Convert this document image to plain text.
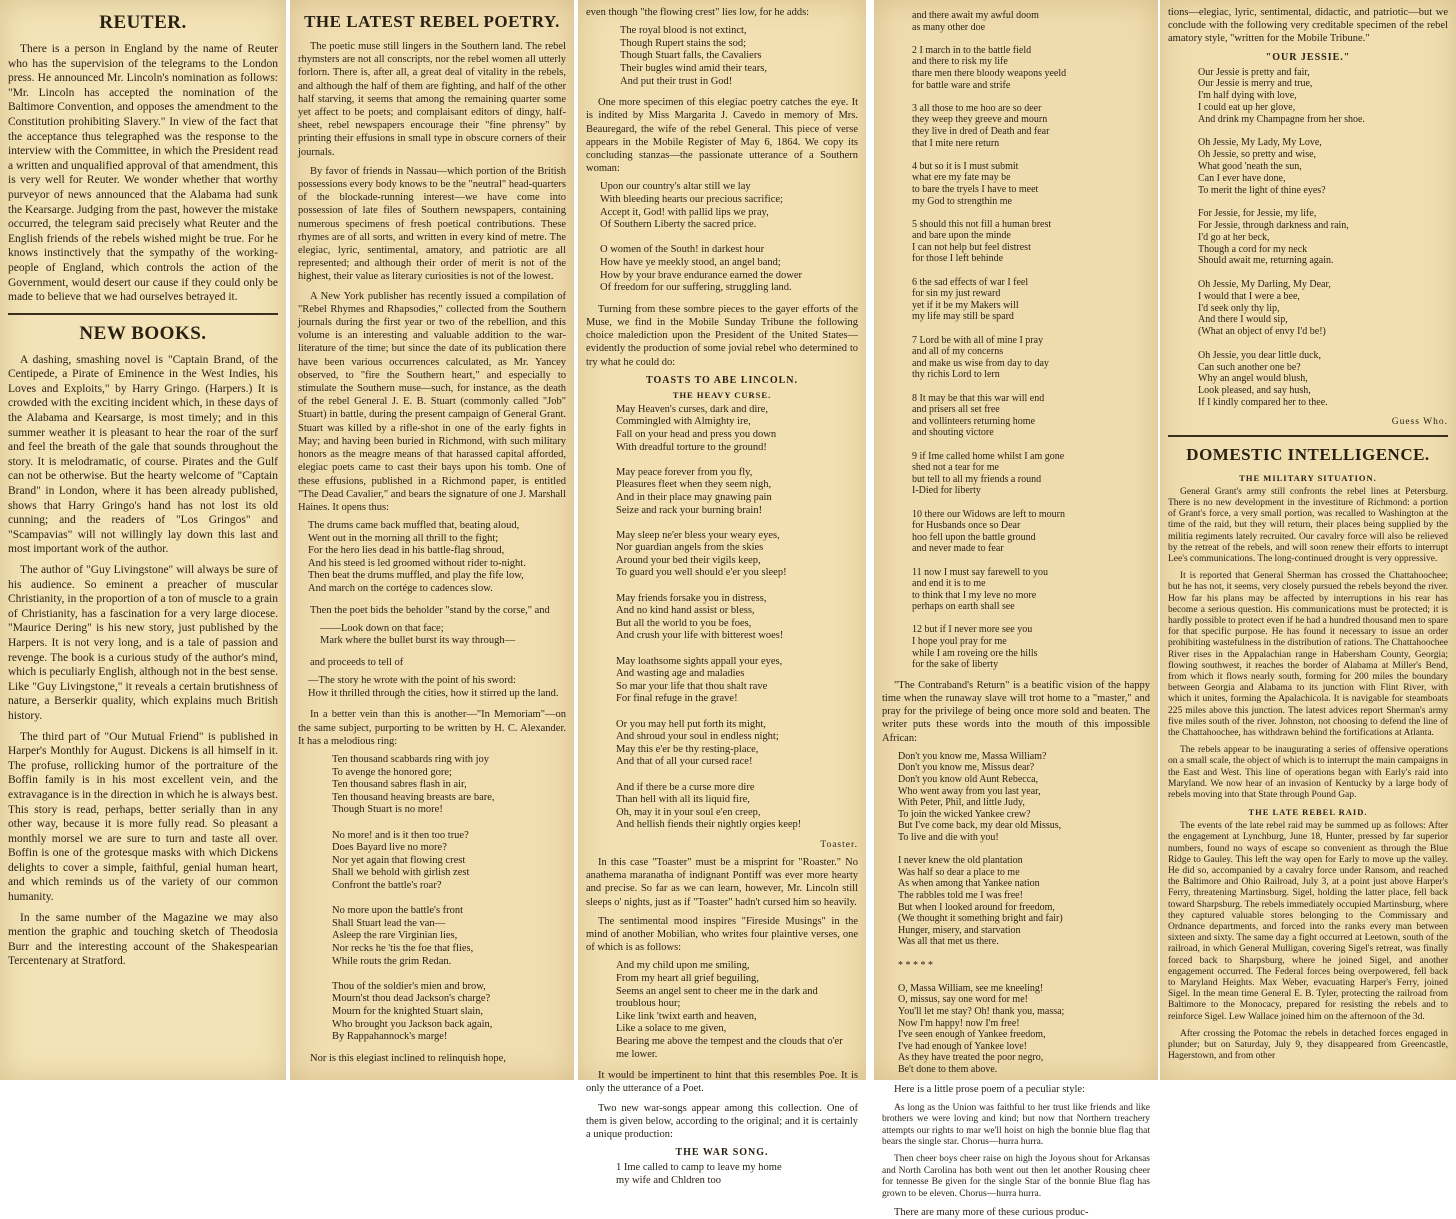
REUTER.

There is a person in England by the name of Reuter who has the supervision of the telegrams to the London press. He announced Mr. Lincoln's nomination as follows: "Mr. Lincoln has accepted the nomination of the Baltimore Convention, and opposes the amendment to the Constitution prohibiting Slavery." In view of the fact that the acceptance thus telegraphed was the response to the interview with the Committee, in which the President read a written and unqualified approval of that amendment, this is very well for Reuter. We wonder whether that worthy purveyor of news announced that the Alabama had sunk the Kearsarge. Judging from the past, however the mistake occurred, the telegram said precisely what Reuter and the English friends of the rebels wished might be true. For he knows instinctively that the sympathy of the working-people of England, which controls the action of the Government, would desert our cause if they could only be made to believe that we had ourselves betrayed it.

NEW BOOKS.

A dashing, smashing novel is "Captain Brand, of the Centipede, a Pirate of Eminence in the West Indies, his Loves and Exploits," by Harry Gringo. (Harpers.) It is crowded with the exciting incident which, in these days of the Alabama and Kearsarge, is most timely; and in this summer weather it is pleasant to hear the roar of the surf and feel the breath of the gale that sounds throughout the story. It is melodramatic, of course. Pirates and the Gulf can not be otherwise. But the hearty welcome of "Captain Brand" in London, where it has been already published, shows that Harry Gringo's hand has not lost its old cunning; and the readers of "Los Gringos" and "Scampavias" will not willingly lay down this last and most important work of the author.

The author of "Guy Livingstone" will always be sure of his audience. So eminent a preacher of muscular Christianity, in the proportion of a ton of muscle to a grain of Christianity, has a fascination for a very large diocese. "Maurice Dering" is his new story, just published by the Harpers. It is not very long, and is a tale of passion and revenge. The book is a curious study of the author's mind, which is peculiarly English, although not in the best sense. Like "Guy Livingstone," it reveals a certain brutishness of nature, a Berserkir quality, which explains much British history.

The third part of "Our Mutual Friend" is published in Harper's Monthly for August. Dickens is all himself in it. The profuse, rollicking humor of the portraiture of the Boffin family is in his most excellent vein, and the extravagance is in the direction in which he is always best. This story is read, perhaps, better serially than in any other way, because it is more fully read. So pleasant a monthly morsel we are sure to turn and taste all over. Boffin is one of the grotesque masks with which Dickens delights to cover a simple, faithful, genial human heart, and which reminds us of the variety of our common humanity.

In the same number of the Magazine we may also mention the graphic and touching sketch of Theodosia Burr and the interesting account of the Shakespearian Tercentenary at Stratford.

THE LATEST REBEL POETRY.

The poetic muse still lingers in the Southern land. The rebel rhymsters are not all conscripts, nor the rebel women all utterly forlorn. There is, after all, a great deal of vitality in the rebels, and although the half of them are fighting, and half of the other half starving, it seems that among the remaining quarter some yet affect to be poets; and complaisant editors of dingy, half-sheet, rebel newspapers encourage their "fine phrensy" by printing their effusions in small type in obscure corners of their journals.

By favor of friends in Nassau—which portion of the British possessions every body knows to be the "neutral" head-quarters of the blockade-running interest—we have come into possession of late files of Southern newspapers, containing numerous specimens of fresh poetical contributions. These rhymes are of all sorts, and written in every kind of metre. The elegiac, lyric, sentimental, amatory, and patriotic are all represented; and although their order of merit is not of the highest, their value as literary curiosities is not of the lowest.

A New York publisher has recently issued a compilation of "Rebel Rhymes and Rhapsodies," collected from the Southern journals during the first year or two of the rebellion, and this volume is an interesting and valuable addition to the war-literature of the time; but since the date of its publication there have been various occurrences calculated, as Mr. Yancey observed, to "fire the Southern heart," and especially to stimulate the Southern muse—such, for instance, as the death of the rebel General J. E. B. Stuart (commonly called "Job" Stuart) in battle, during the present campaign of General Grant. Stuart was killed by a rifle-shot in one of the early fights in May; and having been buried in Richmond, with such military honors as the meagre means of that harassed capital afforded, elegiac poets came to cast their bays upon his tomb. One of these effusions, published in a Richmond paper, is entitled "The Dead Cavalier," and bears the signature of one J. Marshall Haines. It opens thus:

The drums came back muffled that, beating aloud,
Went out in the morning all thrill to the fight;
For the hero lies dead in his battle-flag shroud,
And his steed is led groomed without rider to-night.
Then beat the drums muffled, and play the fife low,
And march on the cortége to cadences slow.

Then the poet bids the beholder "stand by the corse," and

——Look down on that face;
Mark where the bullet burst its way through—

and proceeds to tell of

—The story he wrote with the point of his sword:
How it thrilled through the cities, how it stirred up the land.

In a better vein than this is another—"In Memoriam"—on the same subject, purporting to be written by H. C. Alexander. It has a melodious ring:

Ten thousand scabbards ring with joy
To avenge the honored gore;
Ten thousand sabres flash in air,
Ten thousand heaving breasts are bare,
Though Stuart is no more!

No more! and is it then too true?
Does Bayard live no more?
Nor yet again that flowing crest
Shall we behold with girlish zest
Confront the battle's roar?

No more upon the battle's front
Shall Stuart lead the van—
Asleep the rare Virginian lies,
Nor recks he 'tis the foe that flies,
While routs the grim Redan.

Thou of the soldier's mien and brow,
Mourn'st thou dead Jackson's charge?
Mourn for the knighted Stuart slain,
Who brought you Jackson back again,
By Rappahannock's marge!

Nor is this elegiast inclined to relinquish hope,

even though "the flowing crest" lies low, for he adds:

The royal blood is not extinct,
Though Rupert stains the sod;
Though Stuart falls, the Cavaliers
Their bugles wind amid their tears,
And put their trust in God!

One more specimen of this elegiac poetry catches the eye. It is indited by Miss Margarita J. Cavedo in memory of Mrs. Beauregard, the wife of the rebel General. This piece of verse appears in the Mobile Register of May 6, 1864. We copy its concluding stanzas—the passionate utterance of a Southern woman:

Upon our country's altar still we lay
With bleeding hearts our precious sacrifice;
Accept it, God! with pallid lips we pray,
Of Southern Liberty the sacred price.

O women of the South! in darkest hour
How have ye meekly stood, an angel band;
How by your brave endurance earned the dower
Of freedom for our suffering, struggling land.

Turning from these sombre pieces to the gayer efforts of the Muse, we find in the Mobile Sunday Tribune the following choice malediction upon the President of the United States—evidently the production of some jovial rebel who determined to try what he could do:

TOASTS TO ABE LINCOLN.
THE HEAVY CURSE.
May Heaven's curses, dark and dire,
Commingled with Almighty ire,
Fall on your head and press you down
With dreadful torture to the ground!

May peace forever from you fly,
Pleasures fleet when they seem nigh,
And in their place may gnawing pain
Seize and rack your burning brain!

May sleep ne'er bless your weary eyes,
Nor guardian angels from the skies
Around your bed their vigils keep,
To guard you well should e'er you sleep!

May friends forsake you in distress,
And no kind hand assist or bless,
But all the world to you be foes,
And crush your life with bitterest woes!

May loathsome sights appall your eyes,
And wasting age and maladies
So mar your life that thou shalt rave
For final refuge in the grave!

Or you may hell put forth its might,
And shroud your soul in endless night;
May this e'er be thy resting-place,
And that of all your cursed race!

And if there be a curse more dire
Than hell with all its liquid fire,
Oh, may it in your soul e'en creep,
And hellish fiends their nightly orgies keep!
Toaster.

In this case "Toaster" must be a misprint for "Roaster." No anathema maranatha of indignant Pontiff was ever more hearty and precise. So far as we can learn, however, Mr. Lincoln still sleeps o' nights, just as if "Toaster" hadn't cursed him so heavily.

The sentimental mood inspires "Fireside Musings" in the mind of another Mobilian, who writes four plaintive verses, one of which is as follows:

And my child upon me smiling,
From my heart all grief beguiling,
Seems an angel sent to cheer me in the dark and troublous hour;
Like link 'twixt earth and heaven,
Like a solace to me given,
Bearing me above the tempest and the clouds that o'er me lower.

It would be impertinent to hint that this resembles Poe. It is only the utterance of a Poet.

Two new war-songs appear among this collection. One of them is given below, according to the original; and it is certainly a unique production:

THE WAR SONG.
1 Ime called to camp to leave my home
my wife and Chldren too
and there await my awful doom
as many other doe

2 I march in to the battle field
and there to risk my life
thare men there bloody weapons yeeld
for battle ware and strife

3 all those to me hoo are so deer
they weep they greeve and mourn
they live in dred of Death and fear
that I mite nere return

4 but so it is I must submit
what ere my fate may be
to bare the tryels I have to meet
my God to strengthin me

5 should this not fill a human brest
and bare upon the minde
I can not help but feel distrest
for those I left behinde

6 the sad effects of war I feel
for sin my just reward
yet if it be my Makers will
my life may still be spard

7 Lord be with all of mine I pray
and all of my concerns
and make us wise from day to day
thy richis Lord to lern

8 It may be that this war will end
and prisers all set free
and vollinteers returning home
and shouting victore

9 if Ime called home whilst I am gone
shed not a tear for me
but tell to all my friends a round
I-Died for liberty

10 there our Widows are left to mourn
for Husbands once so Dear
hoo fell upon the battle ground
and never made to fear

11 now I must say farewell to you
and end it is to me
to think that I my leve no more
perhaps on earth shall see

12 but if I never more see you
I hope youl pray for me
while I am roveing ore the hills
for the sake of liberty

"The Contraband's Return" is a beatific vision of the happy time when the runaway slave will trot home to a "master," and pray for the privilege of being once more sold and beaten. The writer puts these words into the mouth of this impossible African:

Don't you know me, Massa William?
Don't you know me, Missus dear?
Don't you know old Aunt Rebecca,
Who went away from you last year,
With Peter, Phil, and little Judy,
To join the wicked Yankee crew?
But I've come back, my dear old Missus,
To live and die with you!

I never knew the old plantation
Was half so dear a place to me
As when among that Yankee nation
The rabbles told me I was free!
But when I looked around for freedom,
(We thought it something bright and fair)
Hunger, misery, and starvation
Was all that met us there.

* * * * *

O, Massa William, see me kneeling!
O, missus, say one word for me!
You'll let me stay? Oh! thank you, massa;
Now I'm happy! now I'm free!
I've seen enough of Yankee freedom,
I've had enough of Yankee love!
As they have treated the poor negro,
Be't done to them above.

Here is a little prose poem of a peculiar style:

As long as the Union was faithful to her trust like friends and like brothers we were loving and kind; but now that Northern treachery attempts our rights to mar we'll hoist on high the bonnie blue flag that bears the single star. Chorus—hurra hurra.

Then cheer boys cheer raise on high the Joyous shout for Arkansas and North Carolina has both went out then let another Rousing cheer for tennesse Be given for the single Star of the bonnie Blue flag has grown to be eleven. Chorus—hurra hurra.

There are many more of these curious produc-

tions—elegiac, lyric, sentimental, didactic, and patriotic—but we conclude with the following very creditable specimen of the rebel amatory style, "written for the Mobile Tribune."

"OUR JESSIE."
Our Jessie is pretty and fair,
Our Jessie is merry and true,
I'm half dying with love,
I could eat up her glove,
And drink my Champagne from her shoe.

Oh Jessie, My Lady, My Love,
Oh Jessie, so pretty and wise,
What good 'neath the sun,
Can I ever have done,
To merit the light of thine eyes?

For Jessie, for Jessie, my life,
For Jessie, through darkness and rain,
I'd go at her beck,
Though a cord for my neck
Should await me, returning again.

Oh Jessie, My Darling, My Dear,
I would that I were a bee,
I'd seek only thy lip,
And there I would sip,
(What an object of envy I'd be!)

Oh Jessie, you dear little duck,
Can such another one be?
Why an angel would blush,
Look pleased, and say hush,
If I kindly compared her to thee.
Guess Who.
DOMESTIC INTELLIGENCE.
THE MILITARY SITUATION.

General Grant's army still confronts the rebel lines at Petersburg. There is no new development in the investiture of Richmond: a portion of Grant's force, a very small portion, was recalled to Washington at the time of the raid, but they will return, their places being supplied by the militia regiments lately recruited. Our cavalry force will also be relieved by the retreat of the rebels, and will soon renew their efforts to interrupt Lee's communications. The long-continued drought is very oppressive.

It is reported that General Sherman has crossed the Chattahoochee; but he has not, it seems, very closely pursued the rebels beyond the river. How far his plans may be affected by interruptions in his rear has become a serious question. His communications must be protected; it is hardly possible to protect even if he had a hundred thousand men to spare for that specific purpose. He has found it necessary to issue an order prohibiting wastefulness in the distribution of rations. The Chattahoochee River rises in the Appalachian range in Habersham County, Georgia; flowing southwest, it reaches the border of Alabama at Miller's Bend, from which it flows nearly south, forming for 200 miles the boundary between Georgia and Alabama to its junction with Flint River, with which it unites, forming the Apalachicola. It is navigable for steamboats 225 miles above this junction. The latest advices report Sherman's army five miles south of the river. Johnston, not choosing to defend the line of the Chattahoochee, has withdrawn behind the fortifications at Atlanta.

The rebels appear to be inaugurating a series of offensive operations on a small scale, the object of which is to interrupt the main campaigns in the East and West. This line of operations began with Early's raid into Maryland. We now hear of an invasion of Kentucky by a large body of rebels moving into that State through Pound Gap.

THE LATE REBEL RAID.

The events of the late rebel raid may be summed up as follows: After the engagement at Lynchburg, June 18, Hunter, pressed by far superior numbers, found no ways of escape so convenient as through the Blue Ridge to Gauley. This left the way open for Early to move up the valley. He did so, accompanied by a cavalry force under Ransom, and reached the Baltimore and Ohio Railroad, July 3, at a point just above Harper's Ferry, threatening Martinsburg. Sigel, holding the latter place, fell back toward Sharpsburg. The rebels immediately occupied Martinsburg, where they captured valuable stores belonging to the Commissary and Ordnance departments, and forced into the ranks every man between sixteen and sixty. The same day a fight occurred at Leetown, south of the railroad, in which General Mulligan, covering Sigel's retreat, was finally forced back to Sharpsburg, where he joined Sigel, and another engagement occurred. The Federal forces being overpowered, fell back to Maryland Heights. Max Weber, evacuating Harper's Ferry, joined Sigel. In the mean time General E. B. Tyler, protecting the railroad from Baltimore to the Monocacy, prepared for resisting the rebels and to reinforce Sigel. Lew Wallace joined him on the afternoon of the 3d.

After crossing the Potomac the rebels in detached forces engaged in plunder; but on Saturday, July 9, they disappeared from Greencastle, Hagerstown, and from other
